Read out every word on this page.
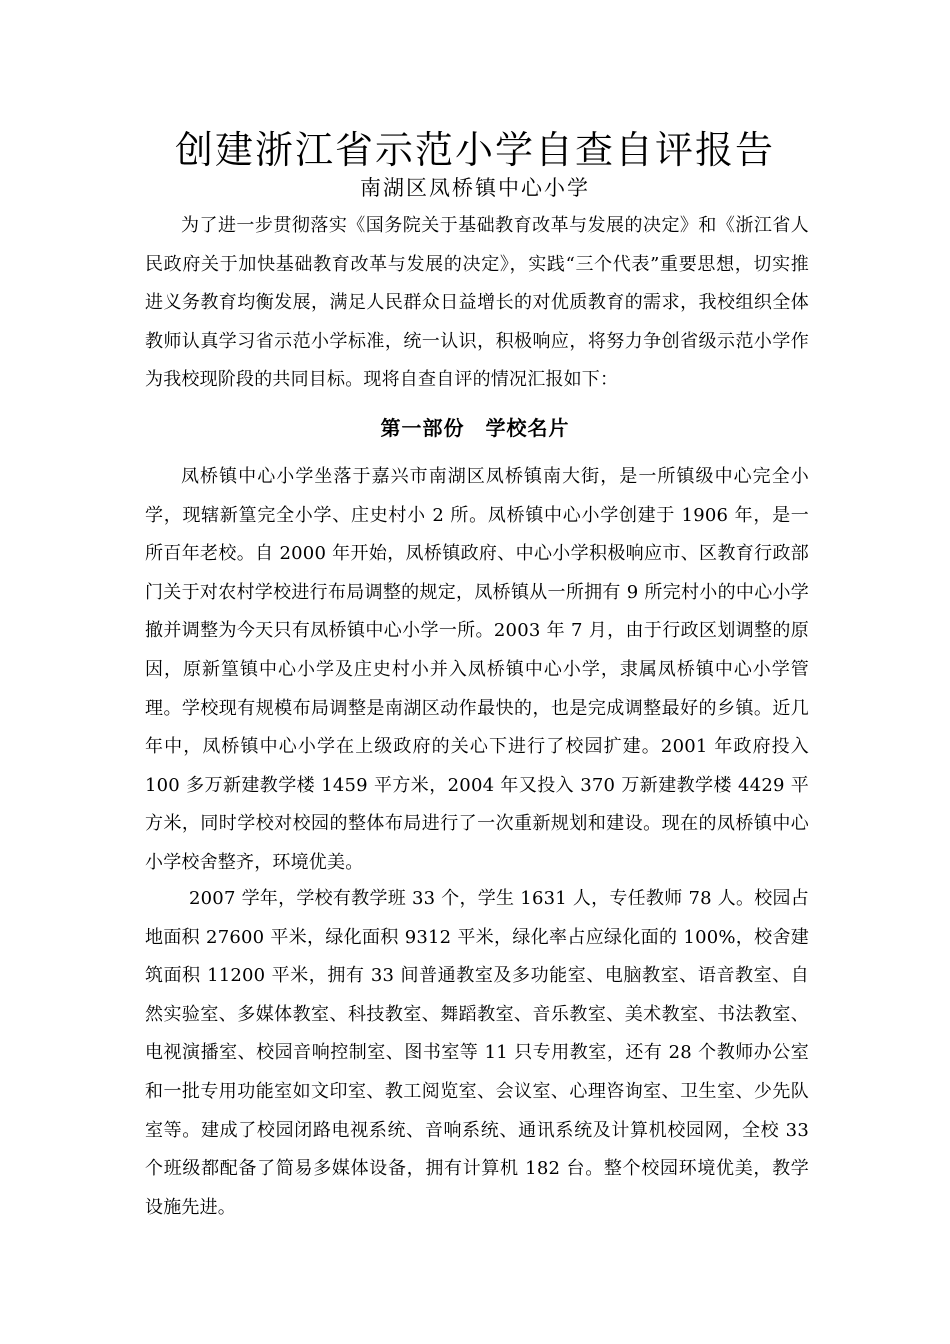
创建浙江省示范小学自查自评报告
南湖区凤桥镇中心小学

为了进一步贯彻落实《国务院关于基础教育改革与发展的决定》和《浙江省人民政府关于加快基础教育改革与发展的决定》，实践“三个代表”重要思想，切实推进义务教育均衡发展，满足人民群众日益增长的对优质教育的需求，我校组织全体教师认真学习省示范小学标准，统一认识，积极响应，将努力争创省级示范小学作为我校现阶段的共同目标。现将自查自评的情况汇报如下：

第一部份　学校名片

凤桥镇中心小学坐落于嘉兴市南湖区凤桥镇南大街，是一所镇级中心完全小学，现辖新篁完全小学、庄史村小 2 所。凤桥镇中心小学创建于 1906 年，是一所百年老校。自 2000 年开始，凤桥镇政府、中心小学积极响应市、区教育行政部门关于对农村学校进行布局调整的规定，凤桥镇从一所拥有 9 所完村小的中心小学撤并调整为今天只有凤桥镇中心小学一所。2003 年 7 月，由于行政区划调整的原因，原新篁镇中心小学及庄史村小并入凤桥镇中心小学，隶属凤桥镇中心小学管理。学校现有规模布局调整是南湖区动作最快的，也是完成调整最好的乡镇。近几年中，凤桥镇中心小学在上级政府的关心下进行了校园扩建。2001 年政府投入 100 多万新建教学楼 1459 平方米，2004 年又投入 370 万新建教学楼 4429 平方米，同时学校对校园的整体布局进行了一次重新规划和建设。现在的凤桥镇中心小学校舍整齐，环境优美。

2007 学年，学校有教学班 33 个，学生 1631 人，专任教师 78 人。校园占地面积 27600 平米，绿化面积 9312 平米，绿化率占应绿化面的 100%，校舍建筑面积 11200 平米，拥有 33 间普通教室及多功能室、电脑教室、语音教室、自然实验室、多媒体教室、科技教室、舞蹈教室、音乐教室、美术教室、书法教室、电视演播室、校园音响控制室、图书室等 11 只专用教室，还有 28 个教师办公室和一批专用功能室如文印室、教工阅览室、会议室、心理咨询室、卫生室、少先队室等。建成了校园闭路电视系统、音响系统、通讯系统及计算机校园网，全校 33 个班级都配备了简易多媒体设备，拥有计算机 182 台。整个校园环境优美，教学设施先进。
